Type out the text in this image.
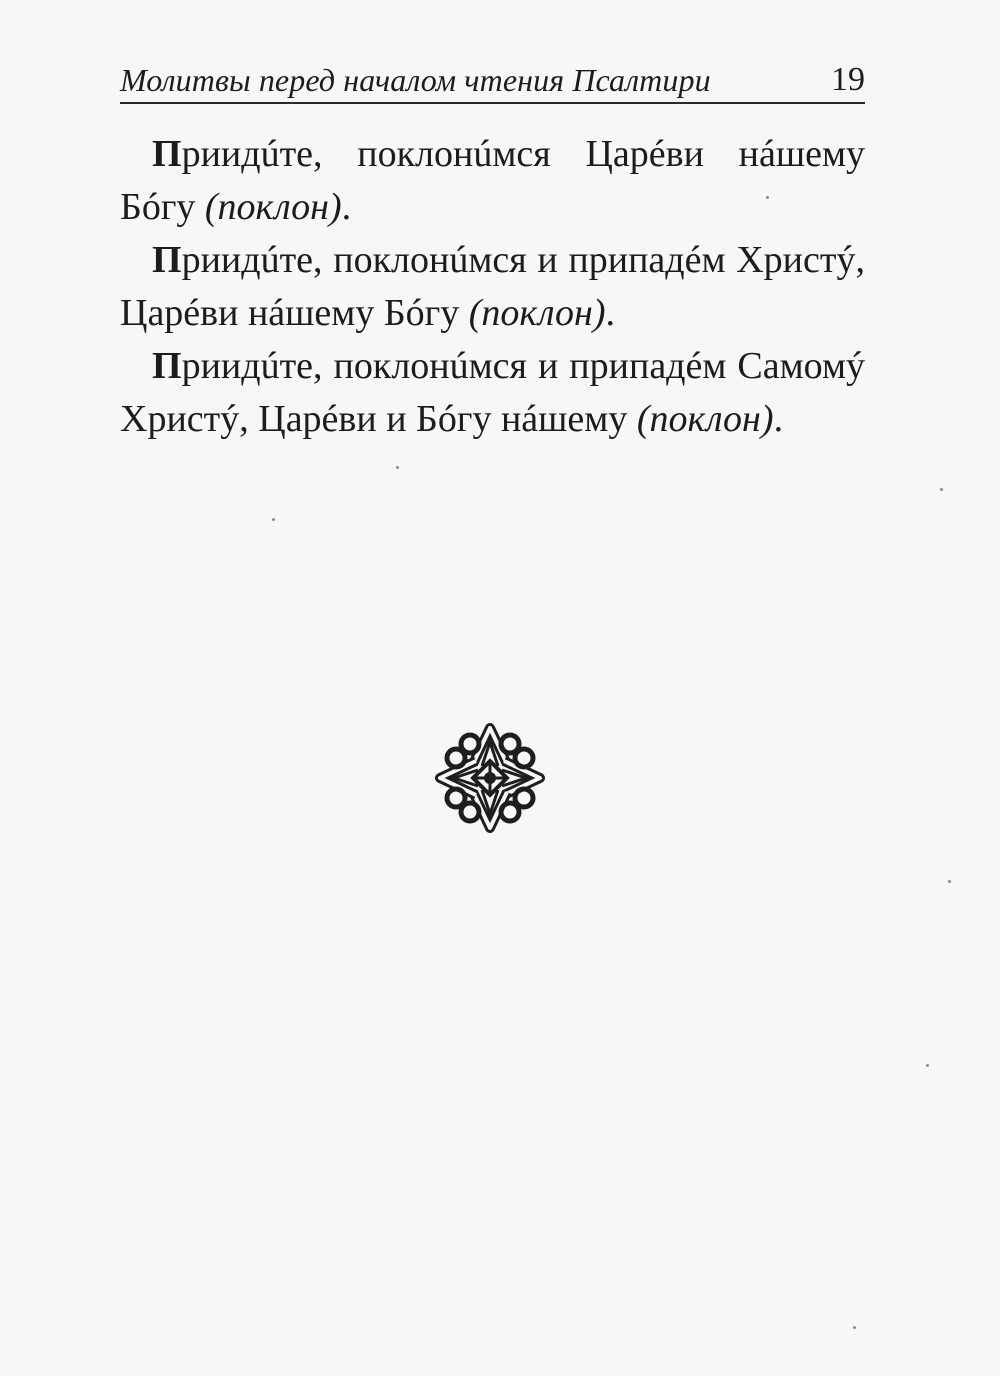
Молитвы перед началом чтения Псалтири	19

Приидúте, поклонúмся Царéви нáшему Бóгу (поклон).

Приидúте, поклонúмся и припадéм Христý, Царéви нáшему Бóгу (поклон).

Приидúте, поклонúмся и припадéм Самомý Христý, Царéви и Бóгу нáшему (поклон).
